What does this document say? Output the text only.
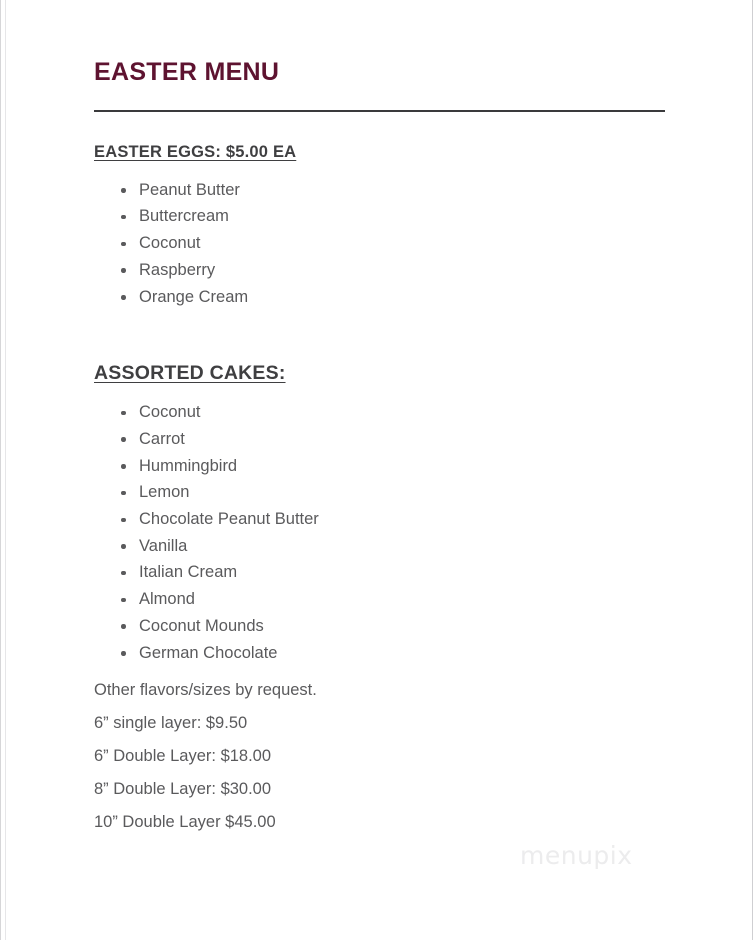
EASTER MENU
EASTER EGGS: $5.00 EA
Peanut Butter
Buttercream
Coconut
Raspberry
Orange Cream
ASSORTED CAKES:
Coconut
Carrot
Hummingbird
Lemon
Chocolate Peanut Butter
Vanilla
Italian Cream
Almond
Coconut Mounds
German Chocolate

Other flavors/sizes by request.

6” single layer: $9.50

6” Double Layer: $18.00

8” Double Layer: $30.00

10” Double Layer $45.00

menupix
